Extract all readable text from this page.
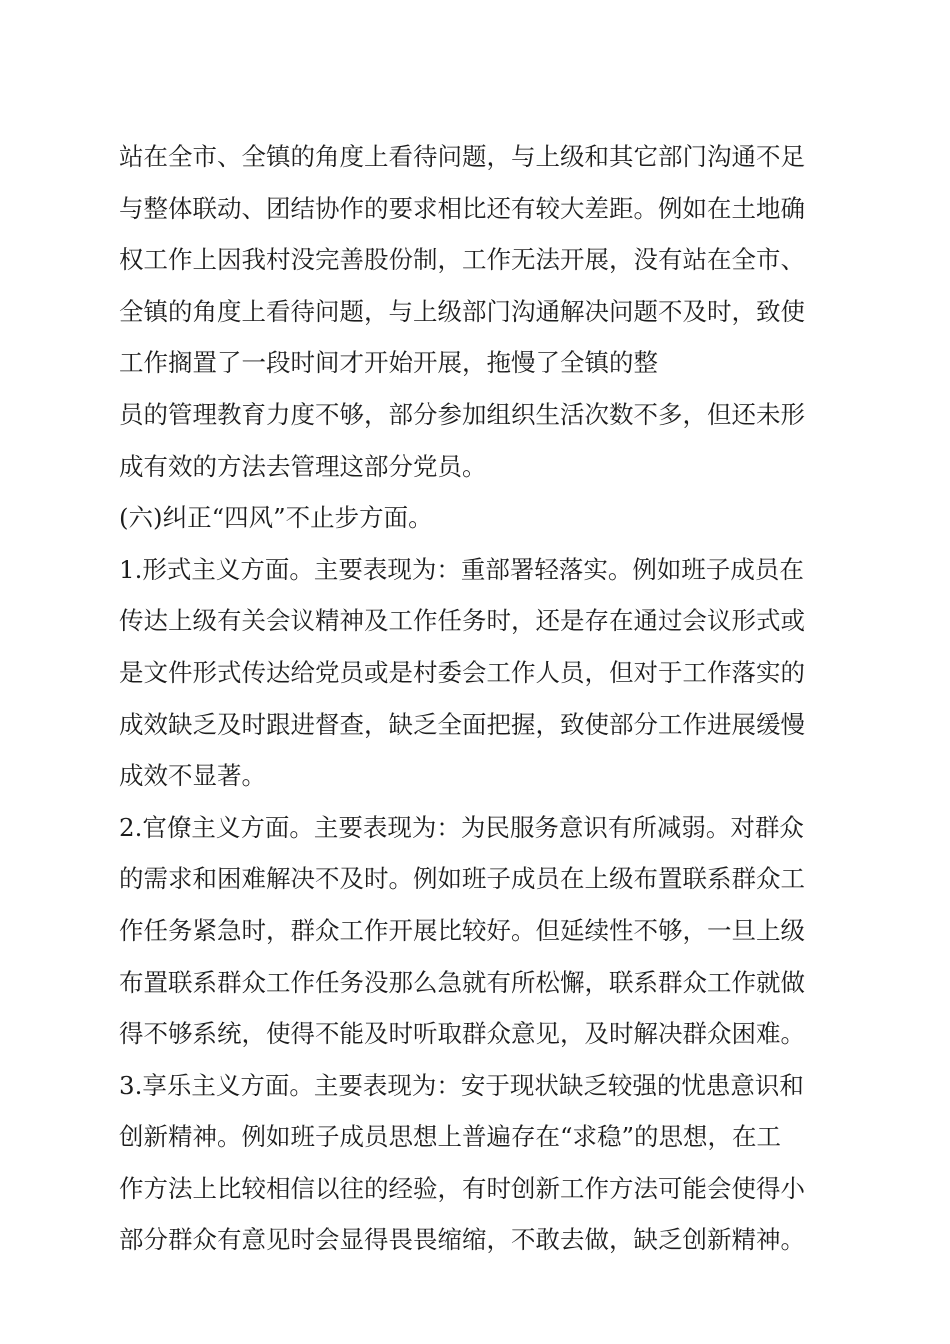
站在全市、全镇的角度上看待问题，与上级和其它部门沟通不足
与整体联动、团结协作的要求相比还有较大差距。例如在土地确
权工作上因我村没完善股份制，工作无法开展，没有站在全市、
全镇的角度上看待问题，与上级部门沟通解决问题不及时，致使
工作搁置了一段时间才开始开展，拖慢了全镇的整
员的管理教育力度不够，部分参加组织生活次数不多，但还未形
成有效的方法去管理这部分党员。
(六)纠正“四风”不止步方面。
1.形式主义方面。主要表现为：重部署轻落实。例如班子成员在
传达上级有关会议精神及工作任务时，还是存在通过会议形式或
是文件形式传达给党员或是村委会工作人员，但对于工作落实的
成效缺乏及时跟进督查，缺乏全面把握，致使部分工作进展缓慢
成效不显著。
2.官僚主义方面。主要表现为：为民服务意识有所减弱。对群众
的需求和困难解决不及时。例如班子成员在上级布置联系群众工
作任务紧急时，群众工作开展比较好。但延续性不够，一旦上级
布置联系群众工作任务没那么急就有所松懈，联系群众工作就做
得不够系统，使得不能及时听取群众意见，及时解决群众困难。
3.享乐主义方面。主要表现为：安于现状缺乏较强的忧患意识和
创新精神。例如班子成员思想上普遍存在“求稳”的思想，在工
作方法上比较相信以往的经验，有时创新工作方法可能会使得小
部分群众有意见时会显得畏畏缩缩，不敢去做，缺乏创新精神。
